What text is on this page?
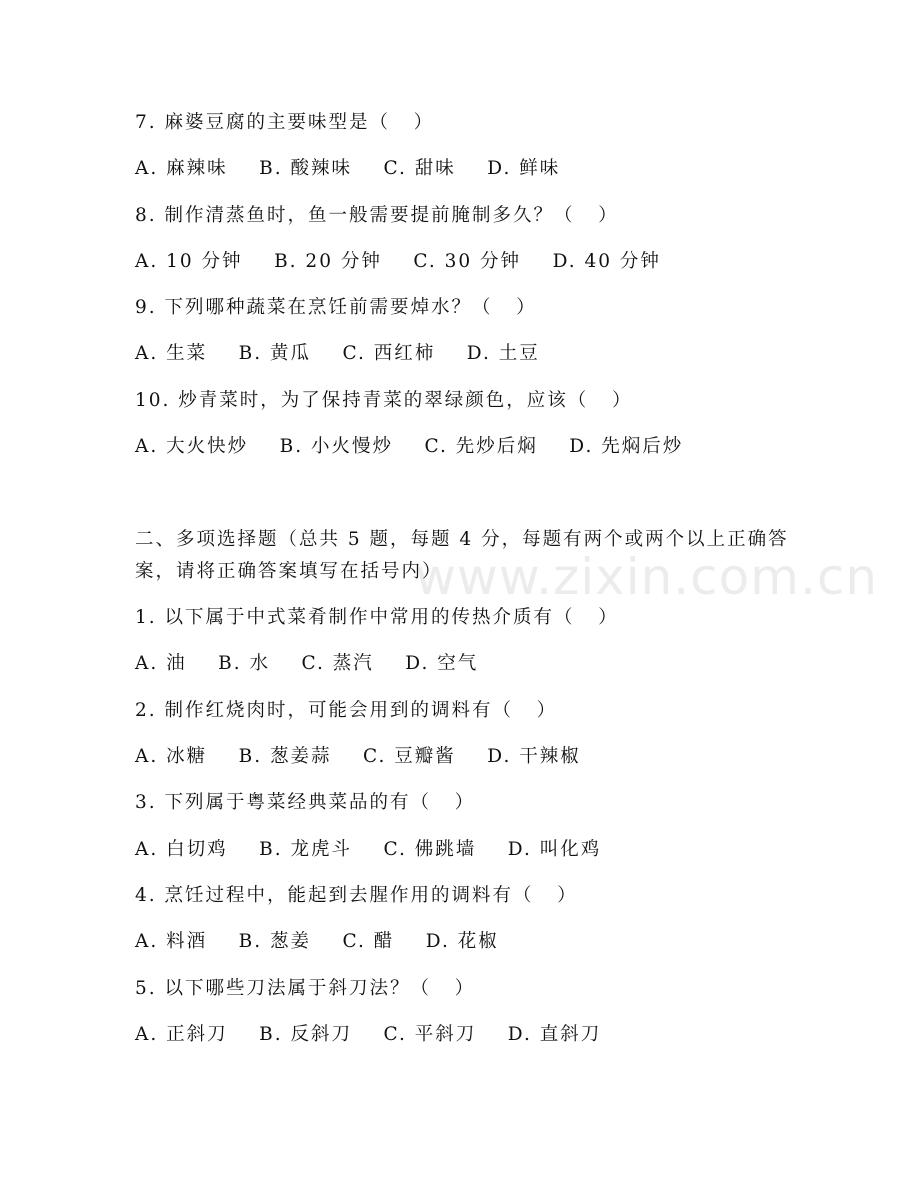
www.zixin.com.cn
7. 麻婆豆腐的主要味型是（   ）
A. 麻辣味    B. 酸辣味    C. 甜味    D. 鲜味
8. 制作清蒸鱼时，鱼一般需要提前腌制多久？（   ）
A. 10 分钟    B. 20 分钟    C. 30 分钟    D. 40 分钟
9. 下列哪种蔬菜在烹饪前需要焯水？（   ）
A. 生菜    B. 黄瓜    C. 西红柿    D. 土豆
10. 炒青菜时，为了保持青菜的翠绿颜色，应该（   ）
A. 大火快炒    B. 小火慢炒    C. 先炒后焖    D. 先焖后炒
二、多项选择题（总共 5 题，每题 4 分，每题有两个或两个以上正确答案，请将正确答案填写在括号内）
1. 以下属于中式菜肴制作中常用的传热介质有（   ）
A. 油    B. 水    C. 蒸汽    D. 空气
2. 制作红烧肉时，可能会用到的调料有（   ）
A. 冰糖    B. 葱姜蒜    C. 豆瓣酱    D. 干辣椒
3. 下列属于粤菜经典菜品的有（   ）
A. 白切鸡    B. 龙虎斗    C. 佛跳墙    D. 叫化鸡
4. 烹饪过程中，能起到去腥作用的调料有（   ）
A. 料酒    B. 葱姜    C. 醋    D. 花椒
5. 以下哪些刀法属于斜刀法？（   ）
A. 正斜刀    B. 反斜刀    C. 平斜刀    D. 直斜刀
